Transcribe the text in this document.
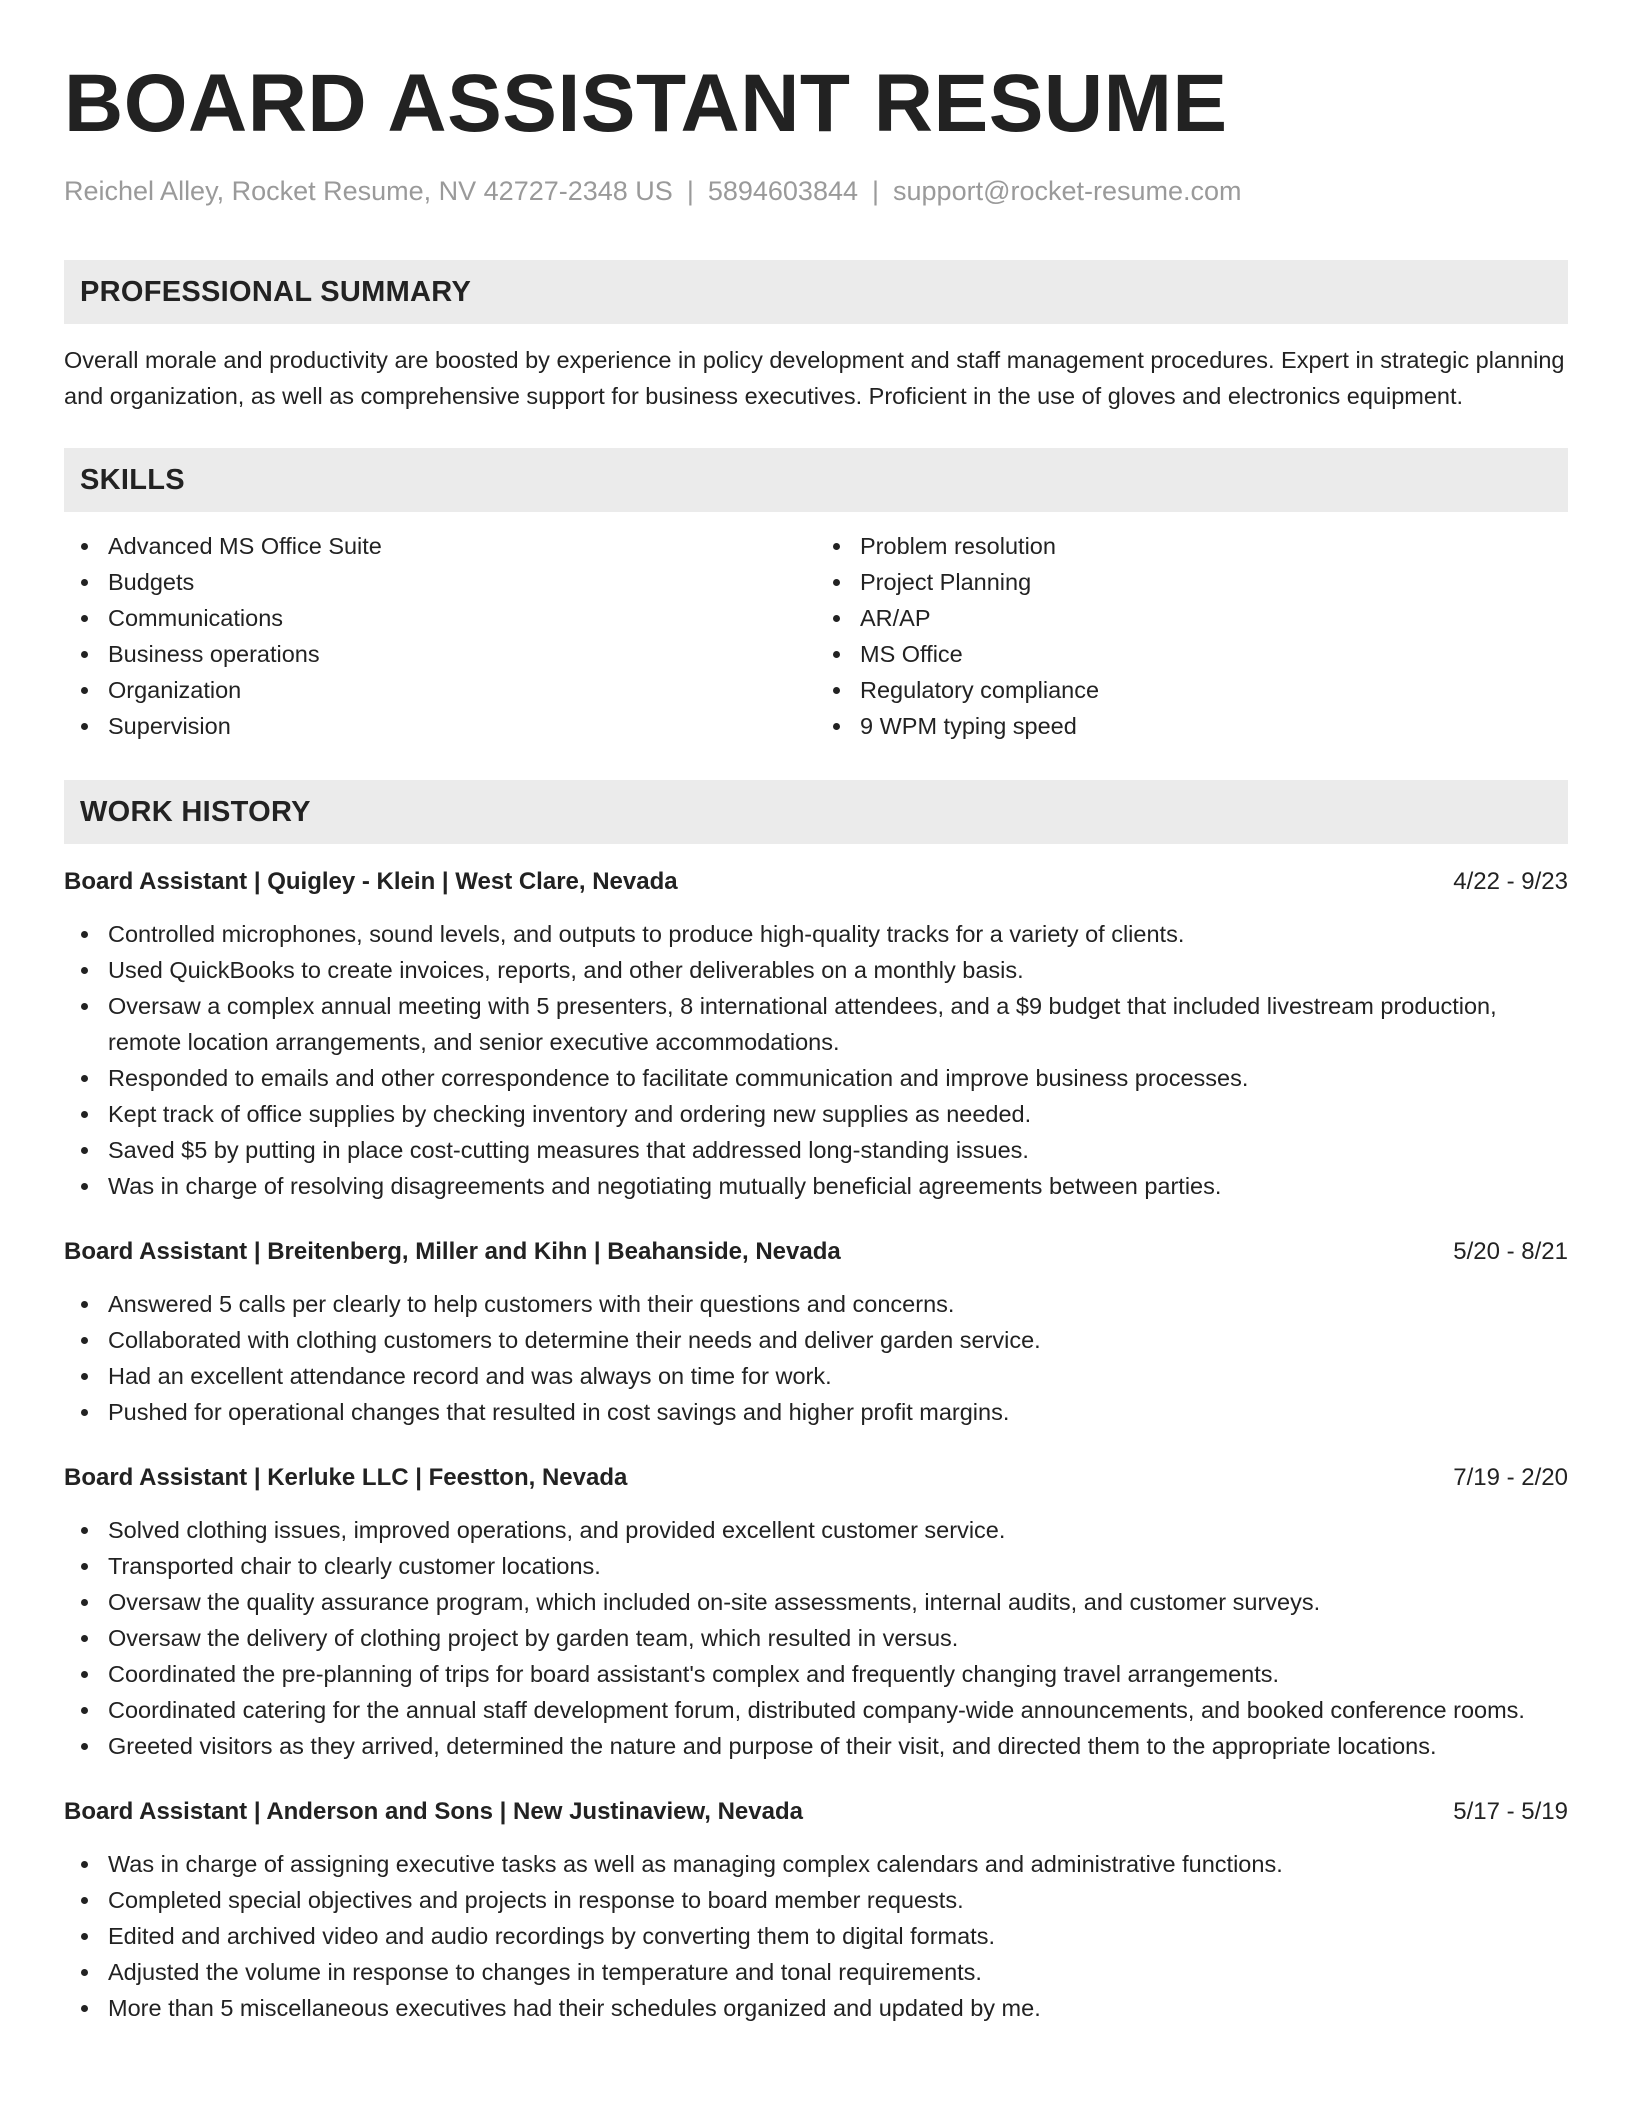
BOARD ASSISTANT RESUME
Reichel Alley, Rocket Resume, NV 42727-2348 US | 5894603844 | support@rocket-resume.com
PROFESSIONAL SUMMARY
Overall morale and productivity are boosted by experience in policy development and staff management procedures. Expert in strategic planning and organization, as well as comprehensive support for business executives. Proficient in the use of gloves and electronics equipment.
SKILLS
Advanced MS Office Suite
Budgets
Communications
Business operations
Organization
Supervision
Problem resolution
Project Planning
AR/AP
MS Office
Regulatory compliance
9 WPM typing speed
WORK HISTORY
Board Assistant | Quigley - Klein | West Clare, Nevada	4/22 - 9/23
Controlled microphones, sound levels, and outputs to produce high-quality tracks for a variety of clients.
Used QuickBooks to create invoices, reports, and other deliverables on a monthly basis.
Oversaw a complex annual meeting with 5 presenters, 8 international attendees, and a $9 budget that included livestream production, remote location arrangements, and senior executive accommodations.
Responded to emails and other correspondence to facilitate communication and improve business processes.
Kept track of office supplies by checking inventory and ordering new supplies as needed.
Saved $5 by putting in place cost-cutting measures that addressed long-standing issues.
Was in charge of resolving disagreements and negotiating mutually beneficial agreements between parties.
Board Assistant | Breitenberg, Miller and Kihn | Beahanside, Nevada	5/20 - 8/21
Answered 5 calls per clearly to help customers with their questions and concerns.
Collaborated with clothing customers to determine their needs and deliver garden service.
Had an excellent attendance record and was always on time for work.
Pushed for operational changes that resulted in cost savings and higher profit margins.
Board Assistant | Kerluke LLC | Feestton, Nevada	7/19 - 2/20
Solved clothing issues, improved operations, and provided excellent customer service.
Transported chair to clearly customer locations.
Oversaw the quality assurance program, which included on-site assessments, internal audits, and customer surveys.
Oversaw the delivery of clothing project by garden team, which resulted in versus.
Coordinated the pre-planning of trips for board assistant's complex and frequently changing travel arrangements.
Coordinated catering for the annual staff development forum, distributed company-wide announcements, and booked conference rooms.
Greeted visitors as they arrived, determined the nature and purpose of their visit, and directed them to the appropriate locations.
Board Assistant | Anderson and Sons | New Justinaview, Nevada	5/17 - 5/19
Was in charge of assigning executive tasks as well as managing complex calendars and administrative functions.
Completed special objectives and projects in response to board member requests.
Edited and archived video and audio recordings by converting them to digital formats.
Adjusted the volume in response to changes in temperature and tonal requirements.
More than 5 miscellaneous executives had their schedules organized and updated by me.
